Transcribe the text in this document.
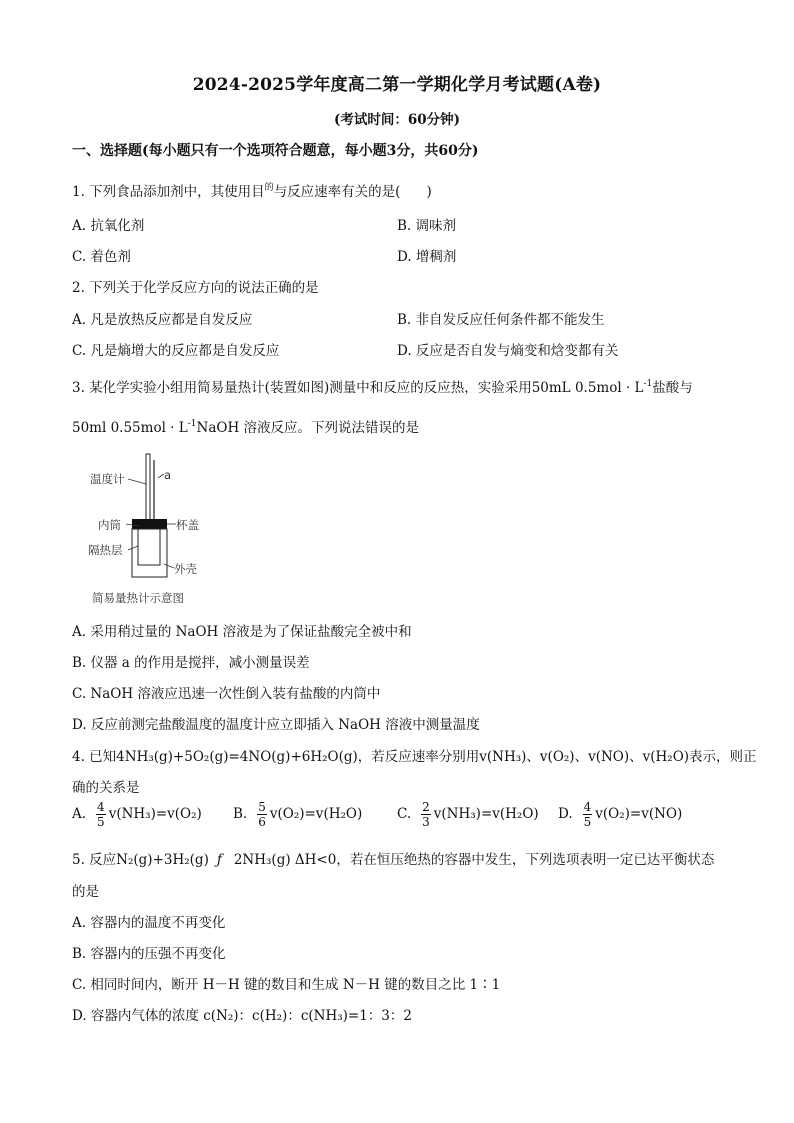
2024-2025学年度高二第一学期化学月考试题(A卷)
(考试时间：60分钟)
一、选择题(每小题只有一个选项符合题意，每小题3分，共60分)
1. 下列食品添加剂中，其使用目$^的$与反应速率有关的是( )
A. 抗氧化剂	B. 调味剂
C. 着色剂	D. 增稠剂
2. 下列关于化学反应方向的说法正确的是
A. 凡是放热反应都是自发反应	B. 非自发反应任何条件都不能发生
C. 凡是熵增大的反应都是自发反应	D. 反应是否自发与熵变和焓变都有关
3. 某化学实验小组用简易量热计(装置如图)测量中和反应的反应热，实验采用50mL $0.5mol \cdot L^{-1}$盐酸与
50ml $0.55mol \cdot L^{-1}NaOH$ 溶液反应。下列说法错误的是
温度计	a
内筒	杯盖
隔热层
外壳
简易量热计示意图
A. 采用稍过量的 NaOH 溶液是为了保证盐酸完全被中和
B. 仪器 a 的作用是搅拌，减小测量误差
C. NaOH 溶液应迅速一次性倒入装有盐酸的内筒中
D. 反应前测完盐酸温度的温度计应立即插入 NaOH 溶液中测量温度
4. 已知4NH₃(g)+5O₂(g)=4NO(g)+6H₂O(g)，若反应速率分别用v(NH₃)、v(O₂)、v(NO)、v(H₂O)表示，则正
确的关系是
A. $\frac{4}{5} v(NH_3)=v(O_2)$ B. $\frac{5}{6} v(O_2)=v(H_2O)$	C. $\frac{2}{3} v(NH_3)=v(H_2O)$ D. $\frac{4}{5} v(O_2)=v(NO)$
5. 反应N₂(g)+3H₂(g) ƒ 2NH₃(g) ΔH<0，若在恒压绝热的容器中发生，下列选项表明一定已达平衡状态
的是
A. 容器内的温度不再变化
B. 容器内的压强不再变化
C. 相同时间内，断开 H－H 键的数目和生成 N－H 键的数目之比 1∶1
D. 容器内气体的浓度 c(N₂)：c(H₂)：c(NH₃)=1：3：2
